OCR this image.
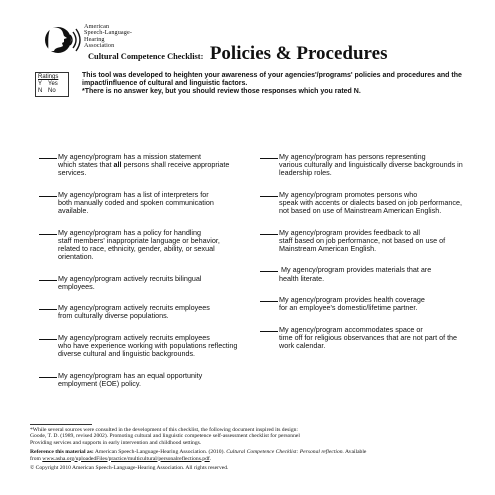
American
Speech-Language-
Hearing
Association
Cultural Competence Checklist: Policies & Procedures
Ratings
Y Yes
N No
This tool was developed to heighten your awareness of your agencies'/programs' policies and procedures and the impact/influence of cultural and linguistic factors.
*There is no answer key, but you should review those responses which you rated N.
My agency/program has a mission statement
which states that all persons shall receive appropriate services.
My agency/program has a list of interpreters for
both manually coded and spoken communication available.
My agency/program has a policy for handling
staff members' inappropriate language or behavior, related to race, ethnicity, gender, ability, or sexual orientation.
My agency/program actively recruits bilingual
employees.
My agency/program actively recruits employees
from culturally diverse populations.
My agency/program actively recruits employees
who have experience working with populations reflecting diverse cultural and linguistic backgrounds.
My agency/program has an equal opportunity
employment (EOE) policy.
My agency/program has persons representing
various culturally and linguistically diverse backgrounds in leadership roles.
My agency/program promotes persons who
speak with accents or dialects based on job performance, not based on use of Mainstream American English.
My agency/program provides feedback to all
staff based on job performance, not based on use of Mainstream American English.
My agency/program provides materials that are
health literate.
My agency/program provides health coverage
for an employee's domestic/lifetime partner.
My agency/program accommodates space or
time off for religious observances that are not part of the work calendar.

*While several sources were consulted in the development of this checklist, the following document inspired its design:
Goode, T. D. (1989, revised 2002). Promoting cultural and linguistic competence self-assessment checklist for personnel
Providing services and supports in early intervention and childhood settings.

Reference this material as: American Speech-Language-Hearing Association. (2010). Cultural Competence Checklist: Personal reflection. Available
from www.asha.org/uploadedFiles/practice/multicultural/personalreflections.pdf.

© Copyright 2010 American Speech-Language-Hearing Association. All rights reserved.
